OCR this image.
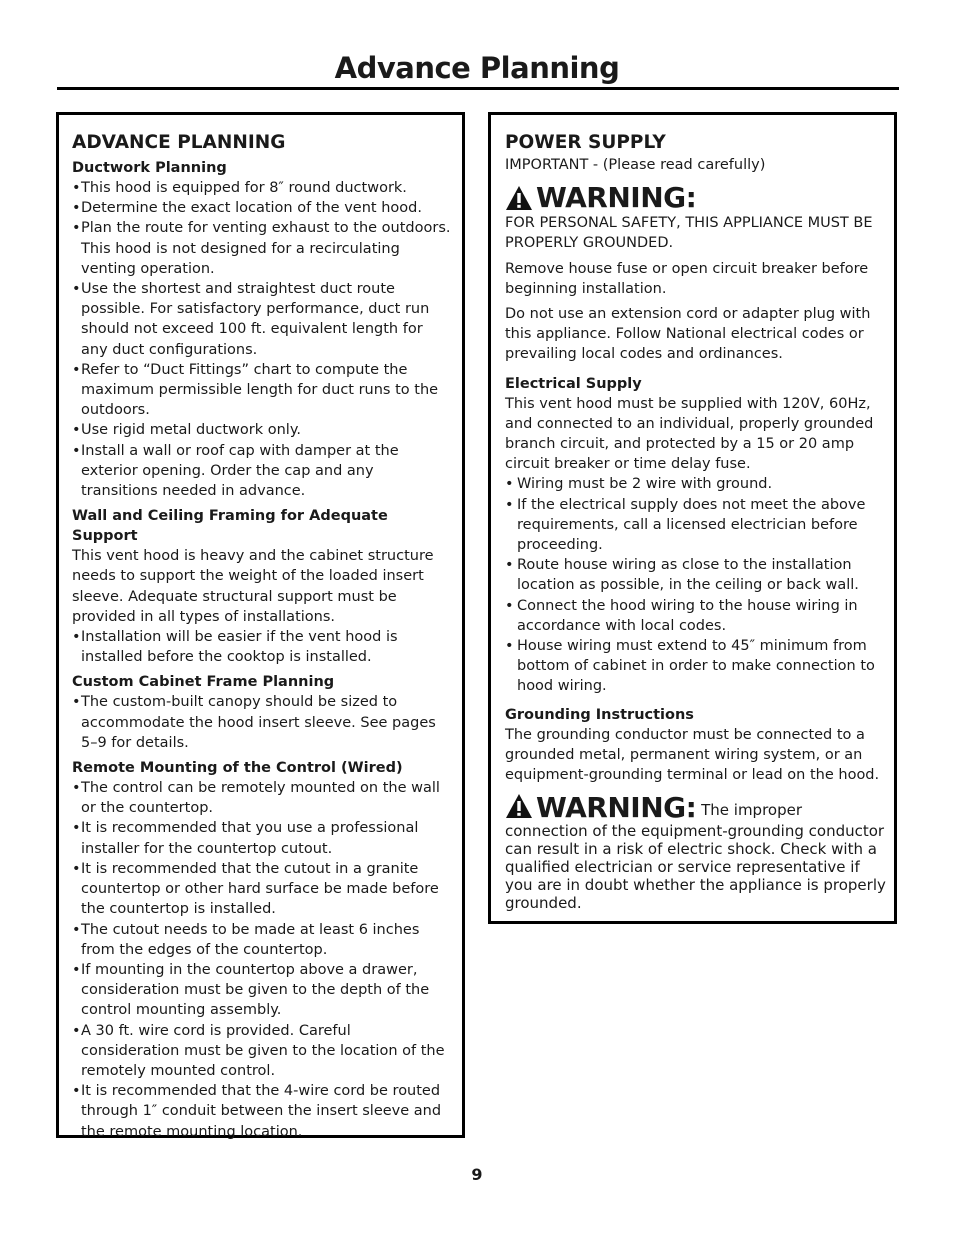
Advance Planning
ADVANCE PLANNING
Ductwork Planning
• This hood is equipped for 8″ round ductwork.
• Determine the exact location of the vent hood.
• Plan the route for venting exhaust to the outdoors. This hood is not designed for a recirculating venting operation.
• Use the shortest and straightest duct route possible. For satisfactory performance, duct run should not exceed 100 ft. equivalent length for any duct configurations.
• Refer to “Duct Fittings” chart to compute the maximum permissible length for duct runs to the outdoors.
• Use rigid metal ductwork only.
• Install a wall or roof cap with damper at the exterior opening. Order the cap and any transitions needed in advance.
Wall and Ceiling Framing for Adequate Support

This vent hood is heavy and the cabinet structure needs to support the weight of the loaded insert sleeve. Adequate structural support must be provided in all types of installations.

• Installation will be easier if the vent hood is installed before the cooktop is installed.
Custom Cabinet Frame Planning
• The custom-built canopy should be sized to accommodate the hood insert sleeve. See pages 5–9 for details.
Remote Mounting of the Control (Wired)
• The control can be remotely mounted on the wall or the countertop.
• It is recommended that you use a professional installer for the countertop cutout.
• It is recommended that the cutout in a granite countertop or other hard surface be made before the countertop is installed.
• The cutout needs to be made at least 6 inches from the edges of the countertop.
• If mounting in the countertop above a drawer, consideration must be given to the depth of the control mounting assembly.
• A 30 ft. wire cord is provided. Careful consideration must be given to the location of the remotely mounted control.
• It is recommended that the 4-wire cord be routed through 1″ conduit between the insert sleeve and the remote mounting location.
POWER SUPPLY

IMPORTANT - (Please read carefully)

WARNING:

FOR PERSONAL SAFETY, THIS APPLIANCE MUST BE PROPERLY GROUNDED.

Remove house fuse or open circuit breaker before beginning installation.

Do not use an extension cord or adapter plug with this appliance. Follow National electrical codes or prevailing local codes and ordinances.

Electrical Supply

This vent hood must be supplied with 120V, 60Hz, and connected to an individual, properly grounded branch circuit, and protected by a 15 or 20 amp circuit breaker or time delay fuse.

• Wiring must be 2 wire with ground.
• If the electrical supply does not meet the above requirements, call a licensed electrician before proceeding.
• Route house wiring as close to the installation location as possible, in the ceiling or back wall.
• Connect the hood wiring to the house wiring in accordance with local codes.
• House wiring must extend to 45″ minimum from bottom of cabinet in order to make connection to hood wiring.
Grounding Instructions

The grounding conductor must be connected to a grounded metal, permanent wiring system, or an equipment-grounding terminal or lead on the hood.

WARNING: The improper connection of the equipment-grounding conductor can result in a risk of electric shock. Check with a qualified electrician or service representative if you are in doubt whether the appliance is properly grounded.

9
